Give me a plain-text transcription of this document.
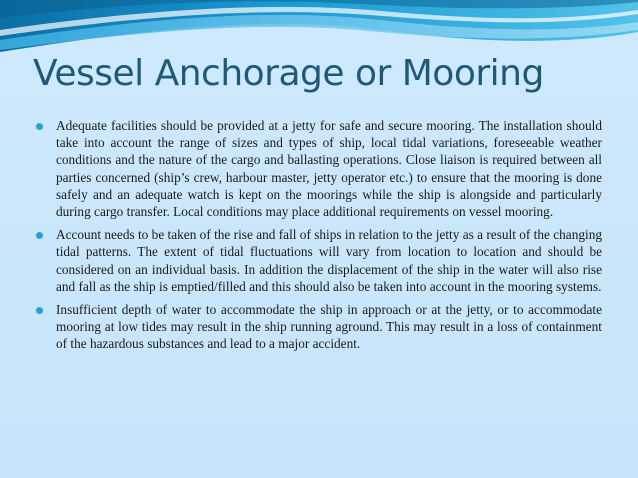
Vessel Anchorage or Mooring
Adequate facilities should be provided at a jetty for safe and secure mooring. The installation should take into account the range of sizes and types of ship, local tidal variations, foreseeable weather conditions and the nature of the cargo and ballasting operations. Close liaison is required between all parties concerned (ship’s crew, harbour master, jetty operator etc.) to ensure that the mooring is done safely and an adequate watch is kept on the moorings while the ship is alongside and particularly during cargo transfer. Local conditions may place additional requirements on vessel mooring.
Account needs to be taken of the rise and fall of ships in relation to the jetty as a result of the changing tidal patterns. The extent of tidal fluctuations will vary from location to location and should be considered on an individual basis. In addition the displacement of the ship in the water will also rise and fall as the ship is emptied/filled and this should also be taken into account in the mooring systems.
Insufficient depth of water to accommodate the ship in approach or at the jetty, or to accommodate mooring at low tides may result in the ship running aground. This may result in a loss of containment of the hazardous substances and lead to a major accident.
